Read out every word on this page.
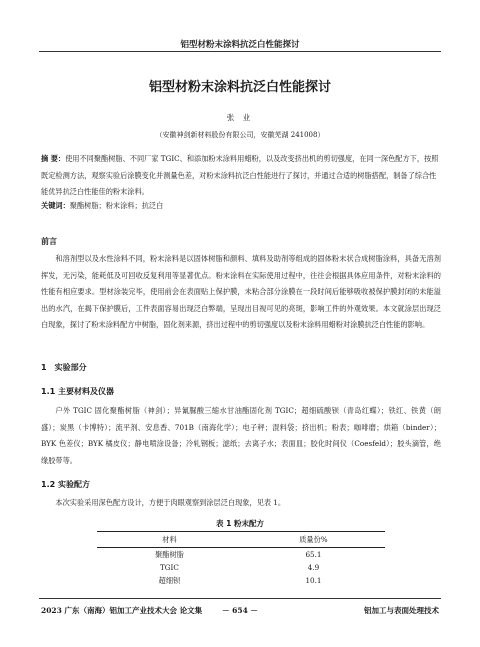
铝型材粉末涂料抗泛白性能探讨
铝型材粉末涂料抗泛白性能探讨
张 业
（安徽神剑新材料股份有限公司，安徽芜湖 241008）
摘 要：使用不同聚酯树脂、不同厂家 TGIC、和添加粉末涂料用蜡粉，以及改变挤出机的剪切强度，在同一深色配方下，按照既定检测方法，观察实验后涂膜变化并测量色差，对粉末涂料抗泛白性能进行了探讨，并通过合适的树脂搭配，制备了综合性能优异抗泛白性能佳的粉末涂料。
关键词：聚酯树脂；粉末涂料；抗泛白
前言
和溶剂型以及水性涂料不同，粉末涂料是以固体树脂和颜料、填料及助剂等组成的固体粉末状合成树脂涂料，具备无溶剂挥发，无污染，能耗低及可回收反复利用等显著优点。粉末涂料在实际使用过程中，往往会根据具体应用条件，对粉末涂料的性能有相应要求。型材涂装完毕，使用前会在表面贴上保护膜，未粘合部分涂膜在一段时间后能够吸收被保护膜封闭的未能溢出的水汽，在揭下保护膜后，工件表面容易出现泛白弊端，呈现出目视可见的亮斑，影响工件的外观效果。本文就涂层出现泛白现象，探讨了粉末涂料配方中树脂，固化剂来源，挤出过程中的剪切强度以及粉末涂料用蜡粉对涂膜抗泛白性能的影响。
1　实验部分
1.1 主要材料及仪器
户外 TGIC 固化聚酯树脂（神剑）；异氰脲酸三缩水甘油酯固化剂 TGIC；超细硫酸钡（青岛红蝶）；铁红、铁黄（朗盛）；炭黑（卡博特）；流平剂、安息香、701B（南海化学）；电子秤；混料袋；挤出机；粉表；咖啡磨；烘箱（binder）；BYK 色差仪；BYK 橘皮仪；静电喷涂设备；冷轧钢板；滤纸；去离子水；表面皿；胶化时间仪（Coesfeld）；胶头滴管，绝缘胶带等。
1.2 实验配方
本次实验采用深色配方设计，方便于肉眼观察到涂层泛白现象，见表 1。
表 1 粉末配方
材料	质量份%
聚酯树脂	65.1
TGIC	4.9
超细钡	10.1
2023 广东（南海）铝加工产业技术大会 论文集	－ 654 －	铝加工与表面处理技术
